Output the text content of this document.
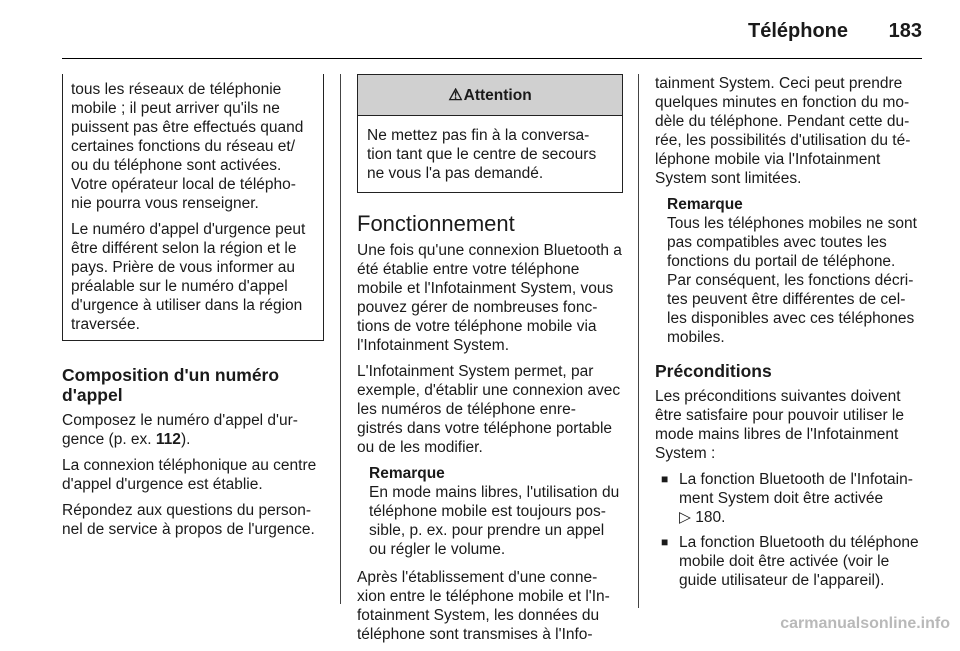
Téléphone	183

tous les réseaux de téléphonie mobile ; il peut arriver qu'ils ne puissent pas être effectués quand certaines fonctions du réseau et/ ou du téléphone sont activées. Votre opérateur local de télépho‐ nie pourra vous renseigner.

Le numéro d'appel d'urgence peut être différent selon la région et le pays. Prière de vous informer au préalable sur le numéro d'appel d'urgence à utiliser dans la région traversée.

Composition d'un numéro d'appel

Composez le numéro d'appel d'ur‐ gence (p. ex. 112).

La connexion téléphonique au centre d'appel d'urgence est établie.

Répondez aux questions du person‐ nel de service à propos de l'urgence.

⚠ Attention
Ne mettez pas fin à la conversa‐ tion tant que le centre de secours ne vous l'a pas demandé.
Fonctionnement

Une fois qu'une connexion Bluetooth a été établie entre votre téléphone mobile et l'Infotainment System, vous pouvez gérer de nombreuses fonc‐ tions de votre téléphone mobile via l'Infotainment System.

L'Infotainment System permet, par exemple, d'établir une connexion avec les numéros de téléphone enre‐ gistrés dans votre téléphone portable ou de les modifier.

Remarque
En mode mains libres, l'utilisation du téléphone mobile est toujours pos‐ sible, p. ex. pour prendre un appel ou régler le volume.

Après l'établissement d'une conne‐ xion entre le téléphone mobile et l'In‐ fotainment System, les données du téléphone sont transmises à l'Info‐

tainment System. Ceci peut prendre quelques minutes en fonction du mo‐ dèle du téléphone. Pendant cette du‐ rée, les possibilités d'utilisation du té‐ léphone mobile via l'Infotainment System sont limitées.

Remarque
Tous les téléphones mobiles ne sont pas compatibles avec toutes les fonctions du portail de téléphone. Par conséquent, les fonctions décri‐ tes peuvent être différentes de cel‐ les disponibles avec ces téléphones mobiles.
Préconditions

Les préconditions suivantes doivent être satisfaire pour pouvoir utiliser le mode mains libres de l'Infotainment System :

■ La fonction Bluetooth de l'Infotain‐ ment System doit être activée
▷ 180.
■ La fonction Bluetooth du téléphone mobile doit être activée (voir le guide utilisateur de l'appareil).
carmanualsonline.info
